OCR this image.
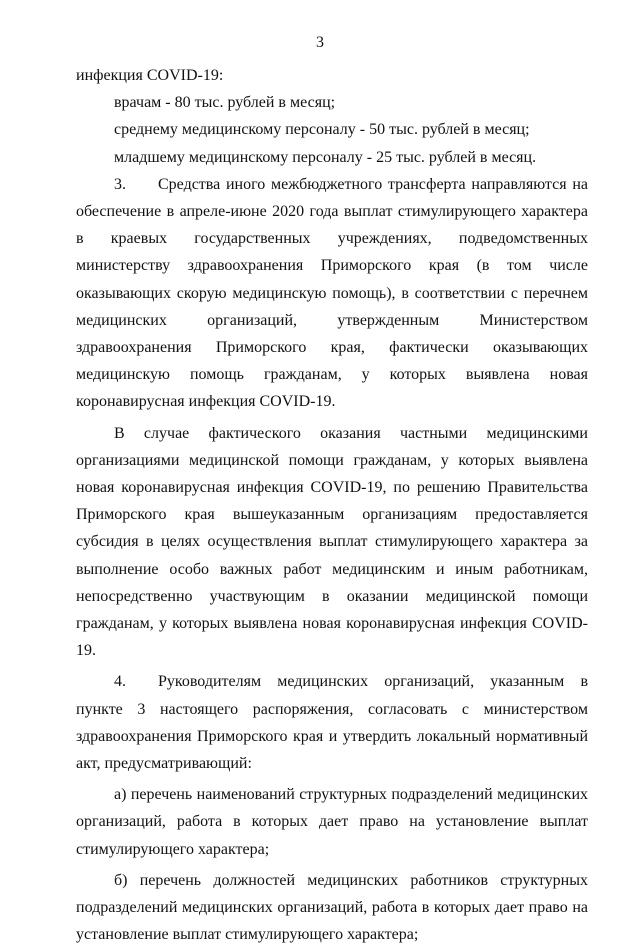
3

инфекция COVID-19:

врачам - 80 тыс. рублей в месяц;

среднему медицинскому персоналу - 50 тыс. рублей в месяц;

младшему медицинскому персоналу - 25 тыс. рублей в месяц.

3.  Средства иного межбюджетного трансферта направляются на обеспечение в апреле-июне 2020 года выплат стимулирующего характера в краевых государственных учреждениях, подведомственных министерству здравоохранения Приморского края (в том числе оказывающих скорую медицинскую помощь), в соответствии с перечнем медицинских организаций, утвержденным Министерством здравоохранения Приморского края, фактически оказывающих медицинскую помощь гражданам, у которых выявлена новая коронавирусная инфекция COVID-19.

В случае фактического оказания частными медицинскими организациями медицинской помощи гражданам, у которых выявлена новая коронавирусная инфекция COVID-19, по решению Правительства Приморского края вышеуказанным организациям предоставляется субсидия в целях осуществления выплат стимулирующего характера за выполнение особо важных работ медицинским и иным работникам, непосредственно участвующим в оказании медицинской помощи гражданам, у которых выявлена новая коронавирусная инфекция COVID-19.

4.  Руководителям медицинских организаций, указанным в пункте 3 настоящего распоряжения, согласовать с министерством здравоохранения Приморского края и утвердить локальный нормативный акт, предусматривающий:

а) перечень наименований структурных подразделений медицинских организаций, работа в которых дает право на установление выплат стимулирующего характера;

б) перечень должностей медицинских работников структурных подразделений медицинских организаций, работа в которых дает право на установление выплат стимулирующего характера;
